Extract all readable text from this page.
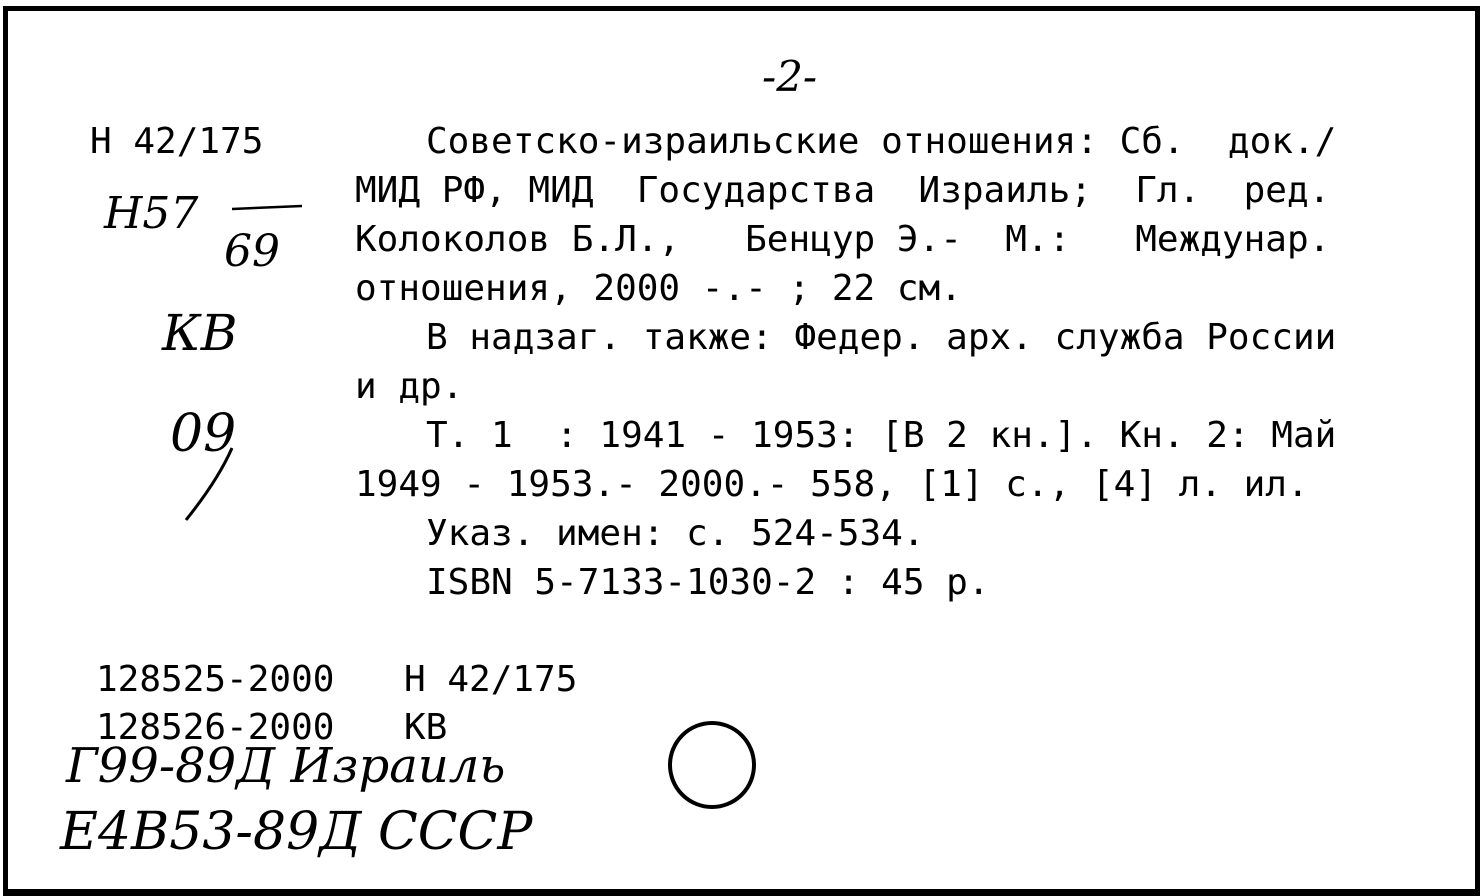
-2-
Н 42/175
Н57
69
КВ
09
Советско-израильские отношения: Сб.  док./
МИД РФ, МИД  Государства  Израиль;  Гл.  ред.
Колоколов Б.Л.,   Бенцур Э.-  М.:   Междунар.
отношения, 2000 -.- ; 22 см.
В надзаг. также: Федер. арх. служба России
и др.
Т. 1  : 1941 - 1953: [В 2 кн.]. Кн. 2: Май
1949 - 1953.- 2000.- 558, [1] с., [4] л. ил.
Указ. имен: с. 524-534.
ISBN 5-7133-1030-2 : 45 р.
128525-2000 Н 42/175
128526-2000 КВ
Г99-89Д Израиль
Е4В53-89Д СССР
